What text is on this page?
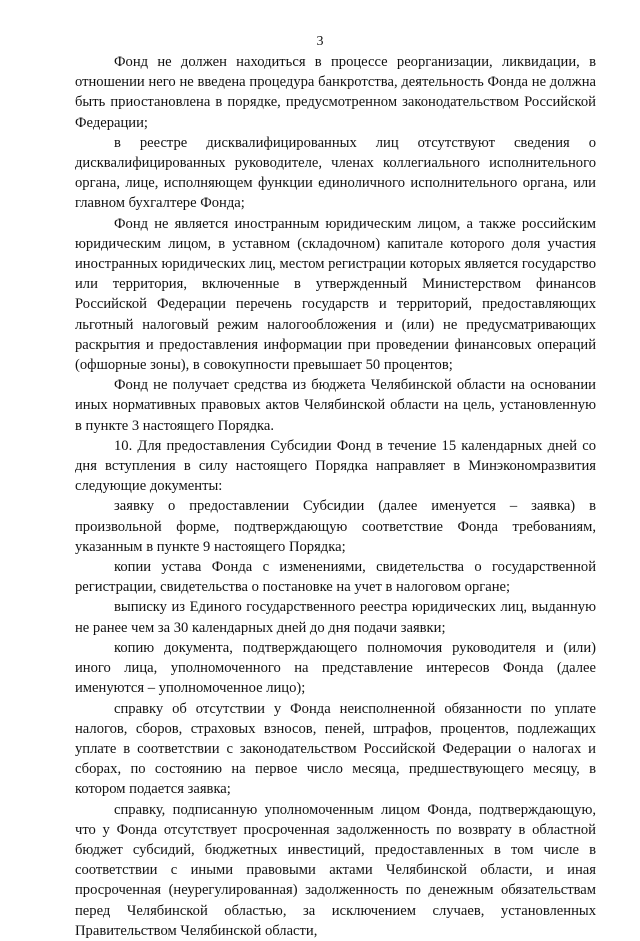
3

Фонд не должен находиться в процессе реорганизации, ликвидации, в отношении него не введена процедура банкротства, деятельность Фонда не должна быть приостановлена в порядке, предусмотренном законодательством Российской Федерации;

в реестре дисквалифицированных лиц отсутствуют сведения о дисквалифицированных руководителе, членах коллегиального исполнительного органа, лице, исполняющем функции единоличного исполнительного органа, или главном бухгалтере Фонда;

Фонд не является иностранным юридическим лицом, а также российским юридическим лицом, в уставном (складочном) капитале которого доля участия иностранных юридических лиц, местом регистрации которых является государство или территория, включенные в утвержденный Министерством финансов Российской Федерации перечень государств и территорий, предоставляющих льготный налоговый режим налогообложения и (или) не предусматривающих раскрытия и предоставления информации при проведении финансовых операций (офшорные зоны), в совокупности превышает 50 процентов;

Фонд не получает средства из бюджета Челябинской области на основании иных нормативных правовых актов Челябинской области на цель, установленную в пункте 3 настоящего Порядка.

10. Для предоставления Субсидии Фонд в течение 15 календарных дней со дня вступления в силу настоящего Порядка направляет в Минэкономразвития следующие документы:

заявку о предоставлении Субсидии (далее именуется – заявка) в произвольной форме, подтверждающую соответствие Фонда требованиям, указанным в пункте 9 настоящего Порядка;

копии устава Фонда с изменениями, свидетельства о государственной регистрации, свидетельства о постановке на учет в налоговом органе;

выписку из Единого государственного реестра юридических лиц, выданную не ранее чем за 30 календарных дней до дня подачи заявки;

копию документа, подтверждающего полномочия руководителя и (или) иного лица, уполномоченного на представление интересов Фонда (далее именуются – уполномоченное лицо);

справку об отсутствии у Фонда неисполненной обязанности по уплате налогов, сборов, страховых взносов, пеней, штрафов, процентов, подлежащих уплате в соответствии с законодательством Российской Федерации о налогах и сборах, по состоянию на первое число месяца, предшествующего месяцу, в котором подается заявка;

справку, подписанную уполномоченным лицом Фонда, подтверждающую, что у Фонда отсутствует просроченная задолженность по возврату в областной бюджет субсидий, бюджетных инвестиций, предоставленных в том числе в соответствии с иными правовыми актами Челябинской области, и иная просроченная (неурегулированная) задолженность по денежным обязательствам перед Челябинской областью, за исключением случаев, установленных Правительством Челябинской области,
